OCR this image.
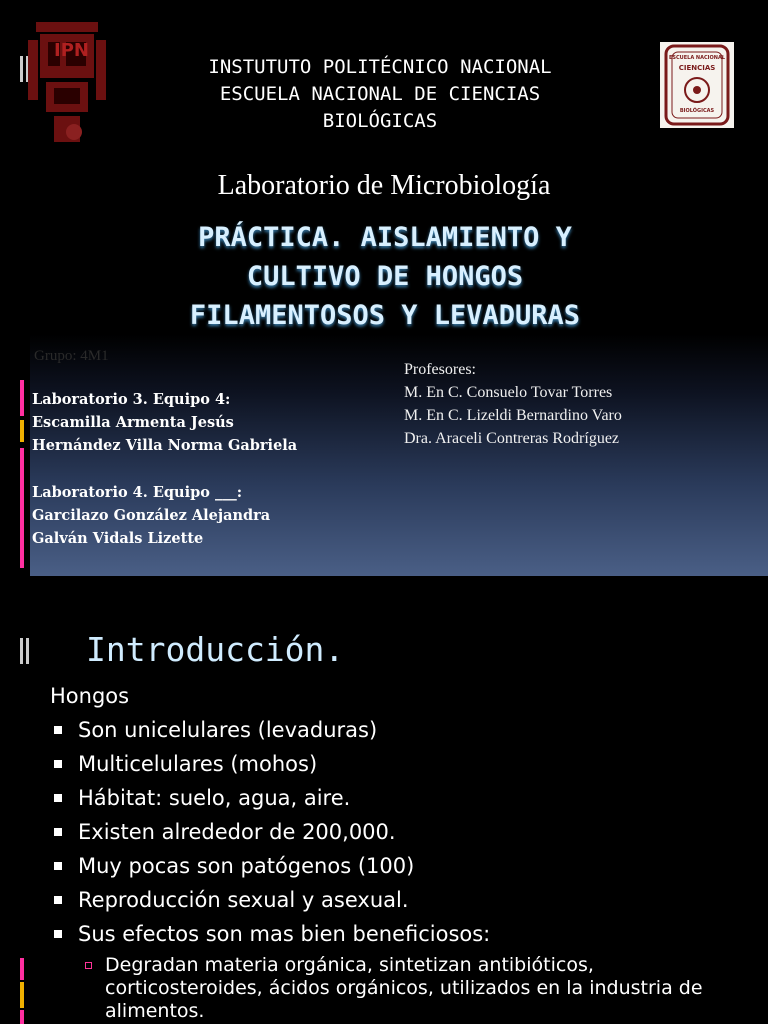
IPN
INSTUTUTO POLITÉCNICO NACIONAL
ESCUELA NACIONAL DE CIENCIAS
BIOLÓGICAS
ESCUELA NACIONAL
CIENCIAS
BIOLÓGICAS
Laboratorio de Microbiología
PRÁCTICA. AISLAMIENTO Y
CULTIVO DE HONGOS
FILAMENTOSOS Y LEVADURAS
Grupo: 4M1
Profesores:
M. En C. Consuelo Tovar Torres
M. En C. Lizeldi Bernardino Varo
Dra. Araceli Contreras Rodríguez
Laboratorio 3. Equipo 4:
Escamilla Armenta Jesús
Hernández Villa Norma Gabriela
Laboratorio 4. Equipo ___:
Garcilazo González Alejandra
Galván Vidals Lizette
Introducción.
Hongos
Son unicelulares (levaduras)
Multicelulares (mohos)
Hábitat: suelo, agua, aire.
Existen alrededor de 200,000.
Muy pocas son patógenos (100)
Reproducción sexual y asexual.
Sus efectos son mas bien beneficiosos:
Degradan materia orgánica, sintetizan antibióticos, corticosteroides, ácidos orgánicos, utilizados en la industria de alimentos.
